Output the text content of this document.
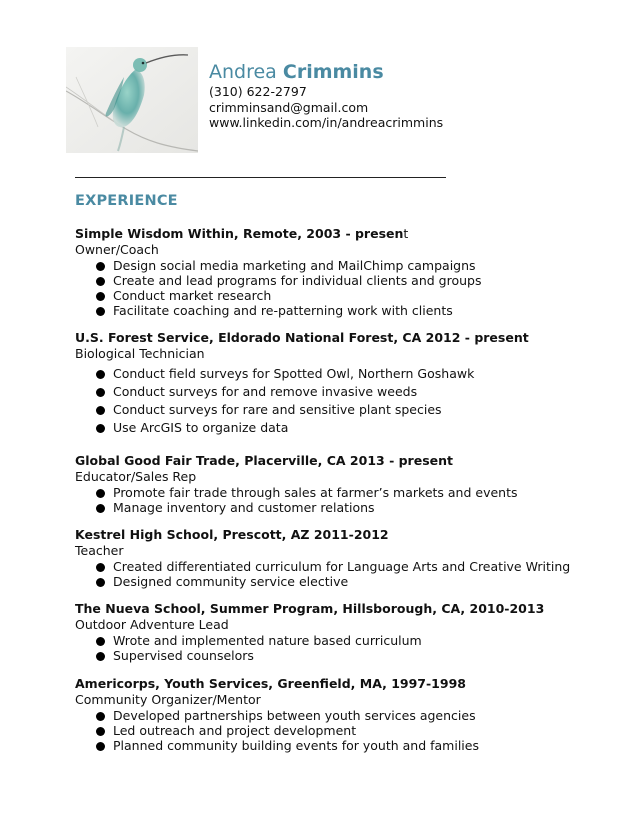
Andrea Crimmins
(310) 622-2797
crimminsand@gmail.com
www.linkedin.com/in/andreacrimmins
EXPERIENCE
Simple Wisdom Within, Remote, 2003 - present
Owner/Coach
Design social media marketing and MailChimp campaigns
Create and lead programs for individual clients and groups
Conduct market research
Facilitate coaching and re-patterning work with clients
U.S. Forest Service, Eldorado National Forest, CA 2012 - present
Biological Technician
Conduct field surveys for Spotted Owl, Northern Goshawk
Conduct surveys for and remove invasive weeds
Conduct surveys for rare and sensitive plant species
Use ArcGIS to organize data
Global Good Fair Trade, Placerville, CA 2013 - present
Educator/Sales Rep
Promote fair trade through sales at farmer’s markets and events
Manage inventory and customer relations
Kestrel High School, Prescott, AZ 2011-2012
Teacher
Created differentiated curriculum for Language Arts and Creative Writing
Designed community service elective
The Nueva School, Summer Program, Hillsborough, CA, 2010-2013
Outdoor Adventure Lead
Wrote and implemented nature based curriculum
Supervised counselors
Americorps, Youth Services, Greenfield, MA, 1997-1998
Community Organizer/Mentor
Developed partnerships between youth services agencies
Led outreach and project development
Planned community building events for youth and families
